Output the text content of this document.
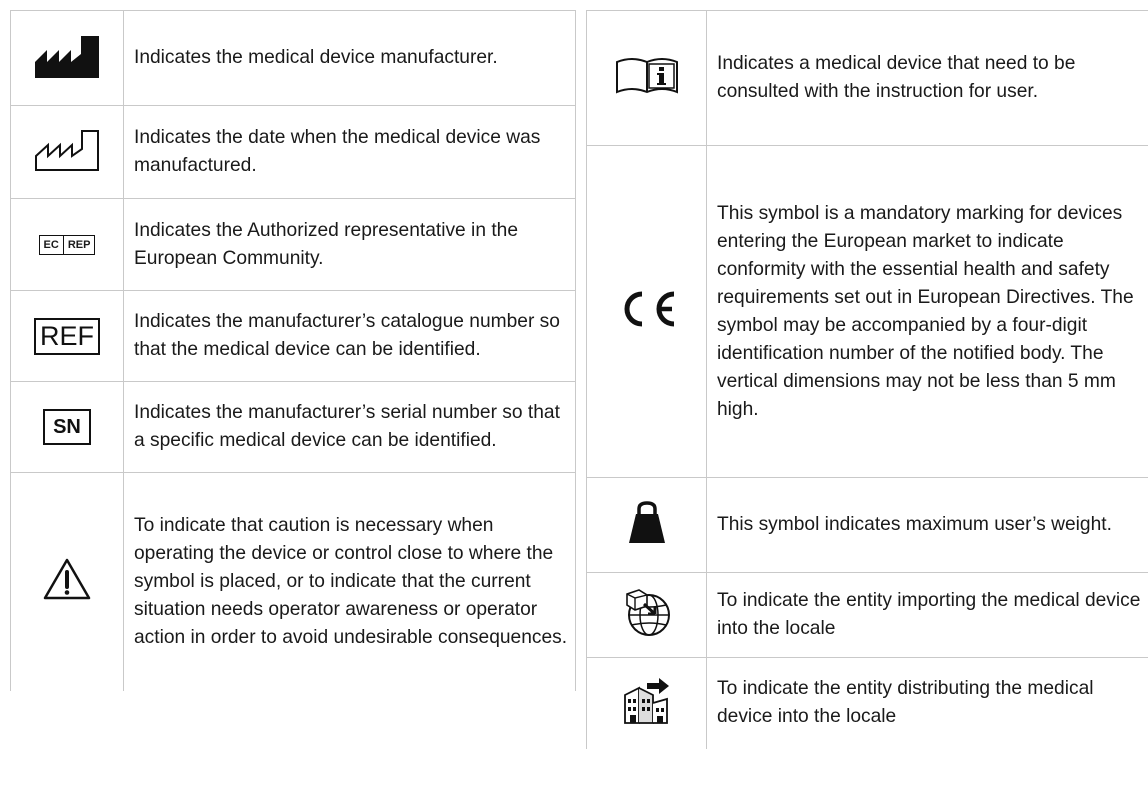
	Indicates the medical device manufacturer.
	Indicates the date when the medical device was manufactured.

EC REP	Indicates the Authorized representative in the European Community.
REF	Indicates the manufacturer’s catalogue number so that the medical device can be identified.
SN	Indicates the manufacturer’s serial number so that a specific medical device can be identified.
	To indicate that caution is necessary when operating the device or control close to where the symbol is placed, or to indicate that the current situation needs operator awareness or operator action in order to avoid undesirable consequences.
	Indicates a medical device that need to be consulted with the instruction for user.
	This symbol is a mandatory marking for devices entering the European market to indicate conformity with the essential health and safety requirements set out in European Directives. The symbol may be accompanied by a four-digit identification number of the notified body. The vertical dimensions may not be less than 5 mm high.
	This symbol indicates maximum user’s weight.
	To indicate the entity importing the medical device into the locale
	To indicate the entity distributing the medical device into the locale
